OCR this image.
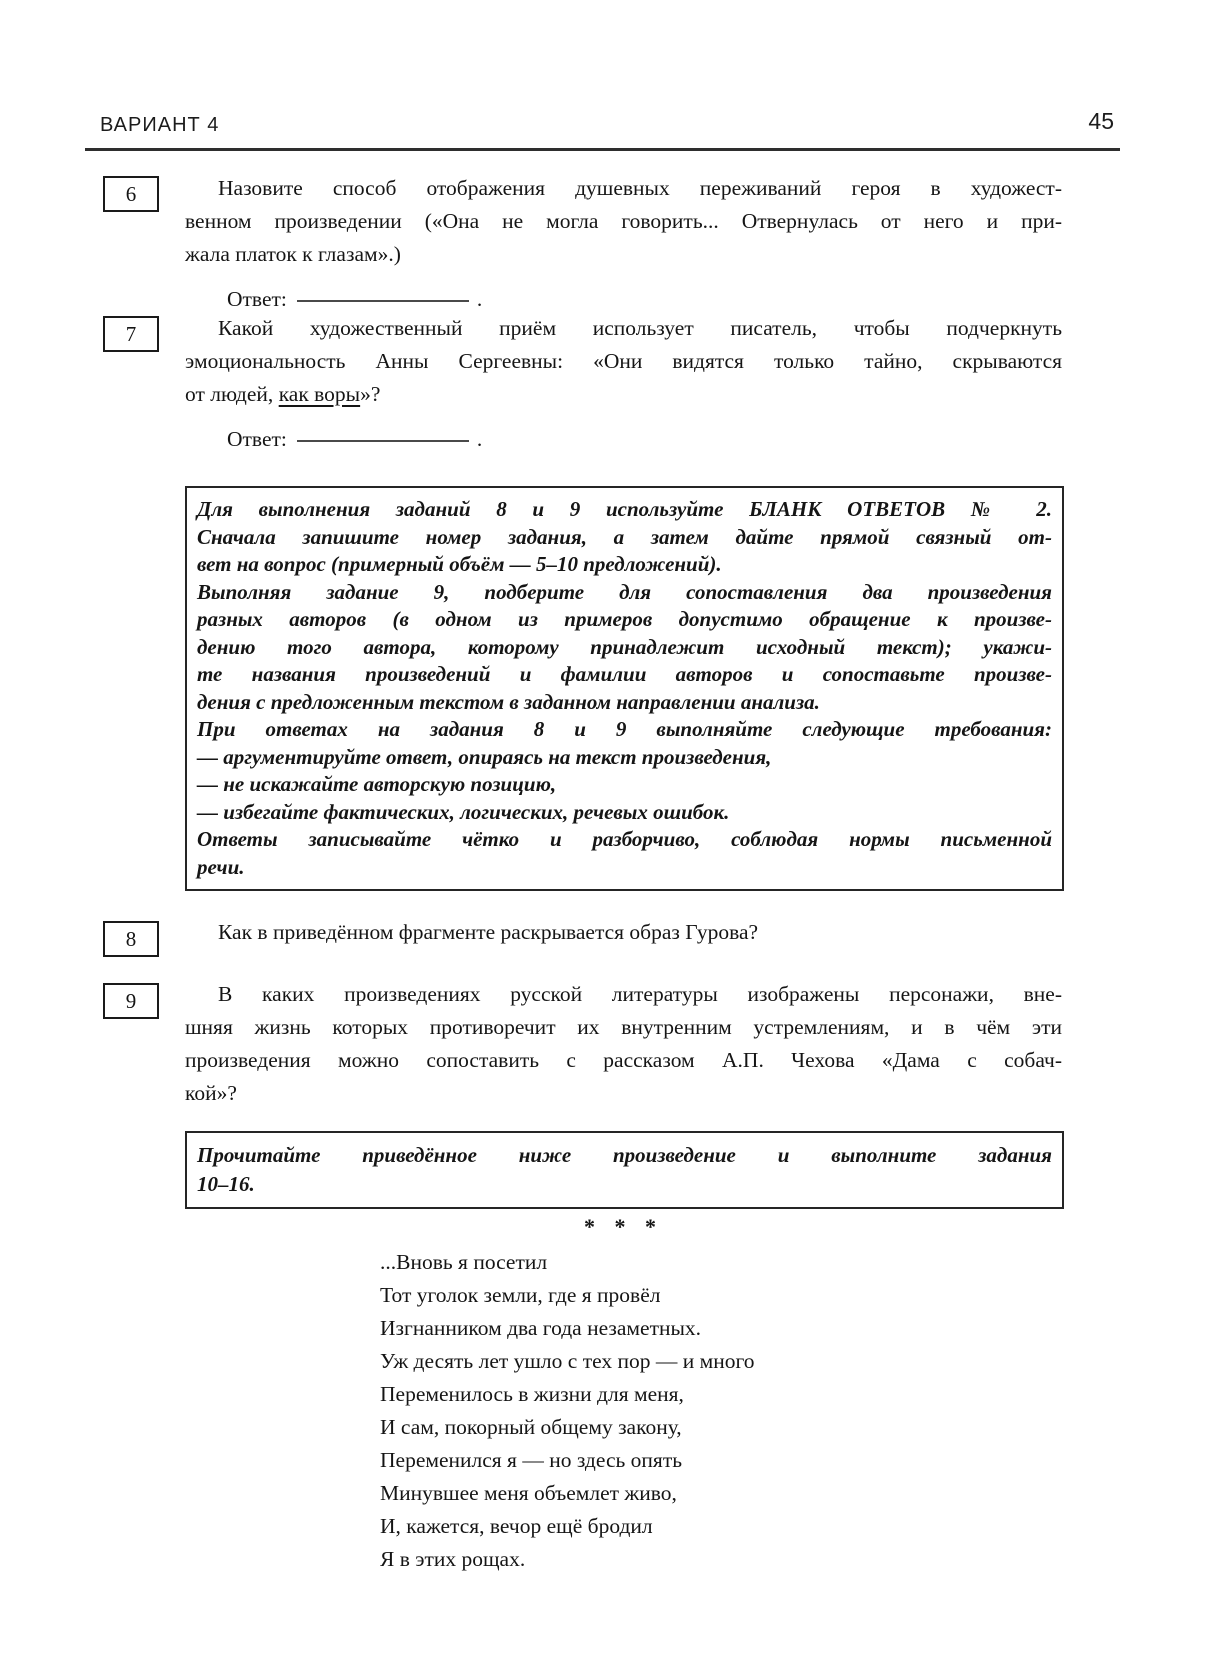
ВАРИАНТ 4	45
6	Назовите способ отображения душевных переживаний героя в художест-
венном произведении («Она не могла говорить... Отвернулась от него и при-
жала платок к глазам».)
Ответ:	.
7	Какой художественный приём использует писатель, чтобы подчеркнуть
эмоциональность Анны Сергеевны: «Они видятся только тайно, скрываются
от людей, как воры»?
Ответ:	.
Для выполнения заданий 8 и 9 используйте БЛАНК ОТВЕТОВ № 2.
Сначала запишите номер задания, а затем дайте прямой связный от-
вет на вопрос (примерный объём — 5–10 предложений).
Выполняя задание 9, подберите для сопоставления два произведения
разных авторов (в одном из примеров допустимо обращение к произве-
дению того автора, которому принадлежит исходный текст); укажи-
те названия произведений и фамилии авторов и сопоставьте произве-
дения с предложенным текстом в заданном направлении анализа.
При ответах на задания 8 и 9 выполняйте следующие требования:
— аргументируйте ответ, опираясь на текст произведения,
— не искажайте авторскую позицию,
— избегайте фактических, логических, речевых ошибок.
Ответы записывайте чётко и разборчиво, соблюдая нормы письменной
речи.
8	Как в приведённом фрагменте раскрывается образ Гурова?
9	В каких произведениях русской литературы изображены персонажи, вне-
шняя жизнь которых противоречит их внутренним устремлениям, и в чём эти
произведения можно сопоставить с рассказом А.П. Чехова «Дама с собач-
кой»?
Прочитайте приведённое ниже произведение и выполните задания
10–16.
* * *
...Вновь я посетил
Тот уголок земли, где я провёл
Изгнанником два года незаметных.
Уж десять лет ушло с тех пор — и много
Переменилось в жизни для меня,
И сам, покорный общему закону,
Переменился я — но здесь опять
Минувшее меня объемлет живо,
И, кажется, вечор ещё бродил
Я в этих рощах.
